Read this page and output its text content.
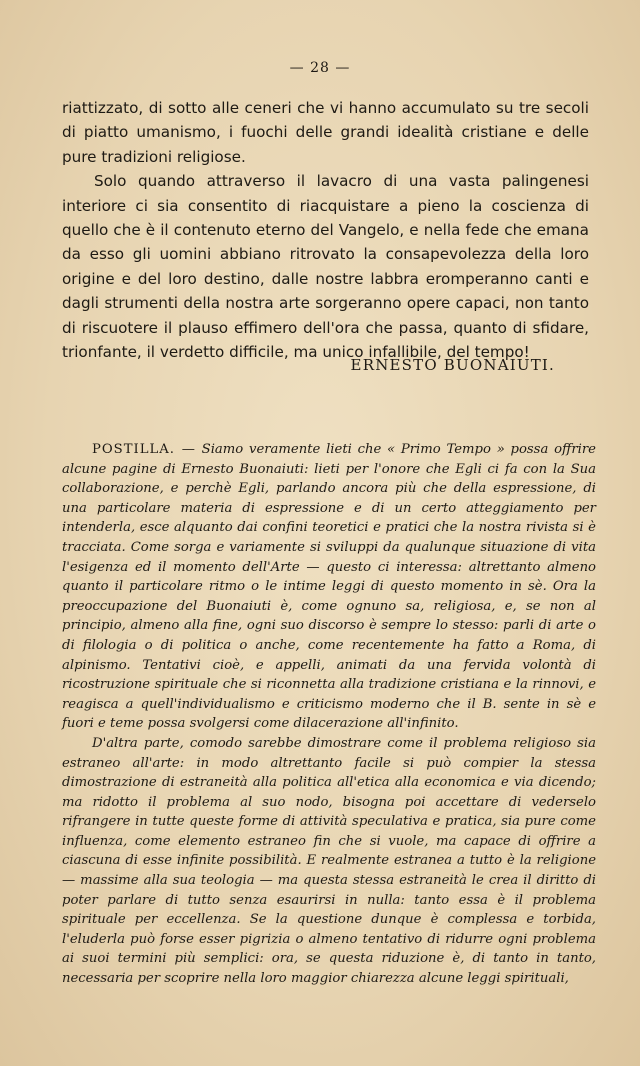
— 28 —

riattizzato, di sotto alle ceneri che vi hanno accumulato su tre secoli di piatto umanismo, i fuochi delle grandi idealità cristiane e delle pure tradizioni religiose.

Solo quando attraverso il lavacro di una vasta palingenesi interiore ci sia consentito di riacquistare a pieno la coscienza di quello che è il contenuto eterno del Vangelo, e nella fede che emana da esso gli uomini abbiano ritrovato la consapevolezza della loro origine e del loro destino, dalle nostre labbra eromperanno canti e dagli strumenti della nostra arte sorgeranno opere capaci, non tanto di riscuotere il plauso effimero dell'ora che passa, quanto di sfidare, trionfante, il verdetto difficile, ma unico infallibile, del tempo!

ERNESTO BUONAIUTI.

POSTILLA. — Siamo veramente lieti che « Primo Tempo » possa offrire alcune pagine di Ernesto Buonaiuti: lieti per l'onore che Egli ci fa con la Sua collaborazione, e perchè Egli, parlando ancora più che della espressione, di una particolare materia di espressione e di un certo atteggiamento per intenderla, esce alquanto dai confini teoretici e pratici che la nostra rivista si è tracciata. Come sorga e variamente si sviluppi da qualunque situazione di vita l'esigenza ed il momento dell'Arte — questo ci interessa: altrettanto almeno quanto il particolare ritmo o le intime leggi di questo momento in sè. Ora la preoccupazione del Buonaiuti è, come ognuno sa, religiosa, e, se non al principio, almeno alla fine, ogni suo discorso è sempre lo stesso: parli di arte o di filologia o di politica o anche, come recentemente ha fatto a Roma, di alpinismo. Tentativi cioè, e appelli, animati da una fervida volontà di ricostruzione spirituale che si riconnetta alla tradizione cristiana e la rinnovi, e reagisca a quell'individualismo e criticismo moderno che il B. sente in sè e fuori e teme possa svolgersi come dilacerazione all'infinito.

D'altra parte, comodo sarebbe dimostrare come il problema religioso sia estraneo all'arte: in modo altrettanto facile si può compier la stessa dimostrazione di estraneità alla politica all'etica alla economica e via dicendo; ma ridotto il problema al suo nodo, bisogna poi accettare di vederselo rifrangere in tutte queste forme di attività speculativa e pratica, sia pure come influenza, come elemento estraneo fin che si vuole, ma capace di offrire a ciascuna di esse infinite possibilità. E realmente estranea a tutto è la religione — massime alla sua teologia — ma questa stessa estraneità le crea il diritto di poter parlare di tutto senza esaurirsi in nulla: tanto essa è il problema spirituale per eccellenza. Se la questione dunque è complessa e torbida, l'eluderla può forse esser pigrizia o almeno tentativo di ridurre ogni problema ai suoi termini più semplici: ora, se questa riduzione è, di tanto in tanto, necessaria per scoprire nella loro maggior chiarezza alcune leggi spirituali,
